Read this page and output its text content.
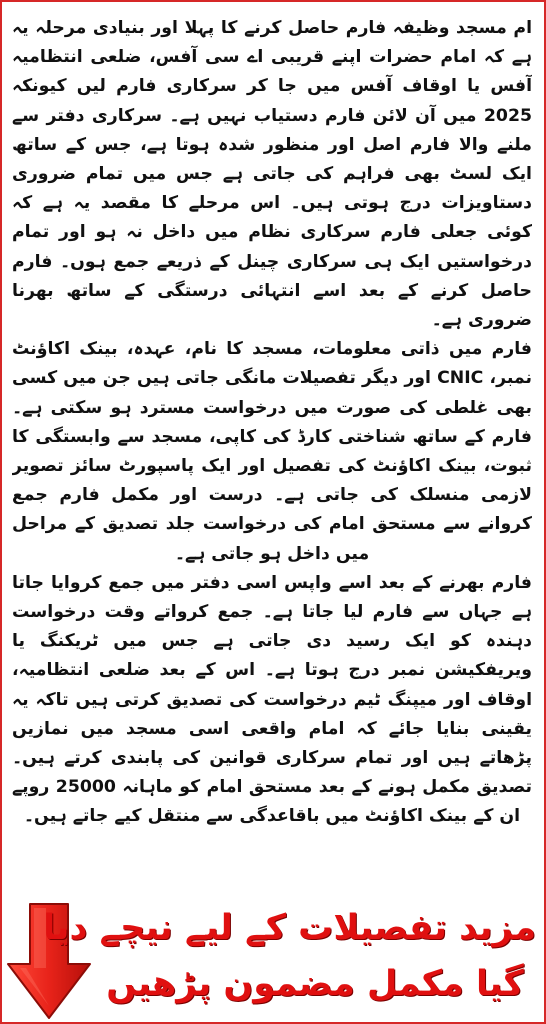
ام مسجد وظیفہ فارم حاصل کرنے کا پہلا اور بنیادی مرحلہ یہ ہے کہ امام حضرات اپنے قریبی اے سی آفس، ضلعی انتظامیہ آفس یا اوقاف آفس میں جا کر سرکاری فارم لیں کیونکہ 2025 میں آن لائن فارم دستیاب نہیں ہے۔ سرکاری دفتر سے ملنے والا فارم اصل اور منظور شدہ ہوتا ہے، جس کے ساتھ ایک لسٹ بھی فراہم کی جاتی ہے جس میں تمام ضروری دستاویزات درج ہوتی ہیں۔ اس مرحلے کا مقصد یہ ہے کہ کوئی جعلی فارم سرکاری نظام میں داخل نہ ہو اور تمام درخواستیں ایک ہی سرکاری چینل کے ذریعے جمع ہوں۔ فارم حاصل کرنے کے بعد اسے انتہائی درستگی کے ساتھ بھرنا ضروری ہے۔

فارم میں ذاتی معلومات، مسجد کا نام، عہدہ، بینک اکاؤنٹ نمبر، CNIC اور دیگر تفصیلات مانگی جاتی ہیں جن میں کسی بھی غلطی کی صورت میں درخواست مسترد ہو سکتی ہے۔ فارم کے ساتھ شناختی کارڈ کی کاپی، مسجد سے وابستگی کا ثبوت، بینک اکاؤنٹ کی تفصیل اور ایک پاسپورٹ سائز تصویر لازمی منسلک کی جاتی ہے۔ درست اور مکمل فارم جمع کروانے سے مستحق امام کی درخواست جلد تصدیق کے مراحل میں داخل ہو جاتی ہے۔

فارم بھرنے کے بعد اسے واپس اسی دفتر میں جمع کروایا جاتا ہے جہاں سے فارم لیا جاتا ہے۔ جمع کرواتے وقت درخواست دہندہ کو ایک رسید دی جاتی ہے جس میں ٹریکنگ یا ویریفکیشن نمبر درج ہوتا ہے۔ اس کے بعد ضلعی انتظامیہ، اوقاف اور میپنگ ٹیم درخواست کی تصدیق کرتی ہیں تاکہ یہ یقینی بنایا جائے کہ امام واقعی اسی مسجد میں نمازیں پڑھاتے ہیں اور تمام سرکاری قوانین کی پابندی کرتے ہیں۔ تصدیق مکمل ہونے کے بعد مستحق امام کو ماہانہ 25000 روپے ان کے بینک اکاؤنٹ میں باقاعدگی سے منتقل کیے جاتے ہیں۔

مزید تفصیلات کے لیے نیچے دیا
گیا مکمل مضمون پڑھیں
